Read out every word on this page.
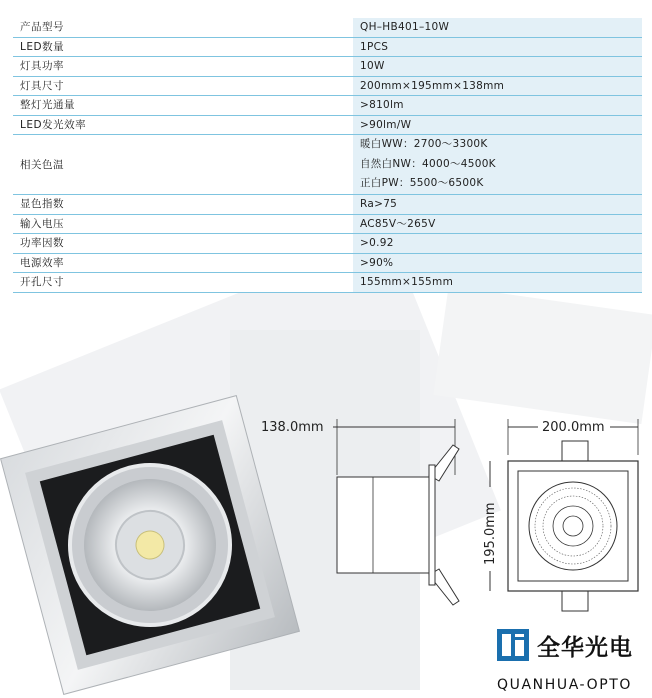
产品型号	QH–HB401–10W
LED数量	1PCS
灯具功率	10W
灯具尺寸	200mm×195mm×138mm
整灯光通量	>810lm
LED发光效率	>90lm/W
相关色温	暖白WW：2700～3300K
自然白NW：4000～4500K
正白PW：5500～6500K

显色指数	Ra>75
输入电压	AC85V～265V
功率因数	>0.92
电源效率	>90%
开孔尺寸	155mm×155mm
138.0mm	200.0mm
195.0mm
全华光电
QUANHUA-OPTO
